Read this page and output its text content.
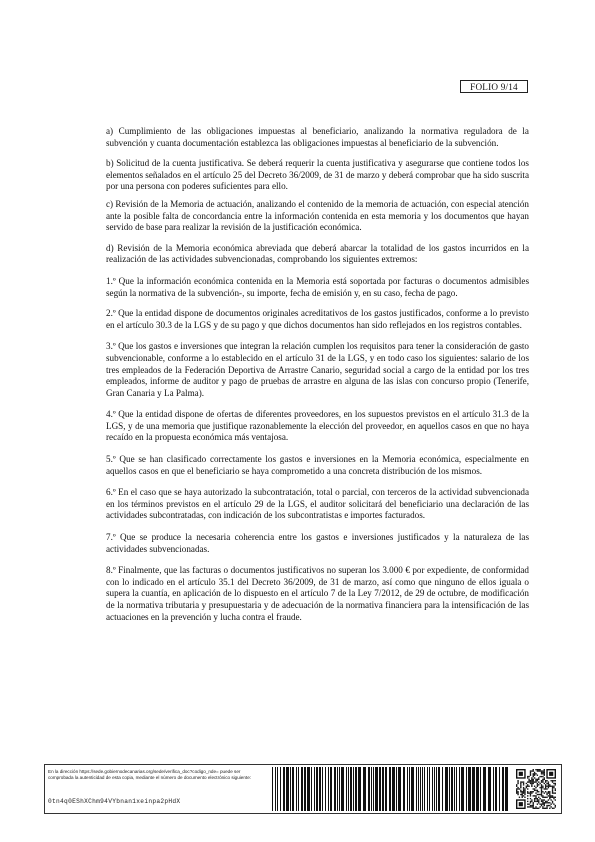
FOLIO 9/14

a) Cumplimiento de las obligaciones impuestas al beneficiario, analizando la normativa reguladora de la subvención y cuanta documentación establezca las obligaciones impuestas al beneficiario de la subvención.

b) Solicitud de la cuenta justificativa. Se deberá requerir la cuenta justificativa y asegurarse que contiene todos los elementos señalados en el artículo 25 del Decreto 36/2009, de 31 de marzo y deberá comprobar que ha sido suscrita por una persona con poderes suficientes para ello.

c) Revisión de la Memoria de actuación, analizando el contenido de la memoria de actuación, con especial atención ante la posible falta de concordancia entre la información contenida en esta memoria y los documentos que hayan servido de base para realizar la revisión de la justificación económica.

d) Revisión de la Memoria económica abreviada que deberá abarcar la totalidad de los gastos incurridos en la realización de las actividades subvencionadas, comprobando los siguientes extremos:

1.º Que la información económica contenida en la Memoria está soportada por facturas o documentos admisibles según la normativa de la subvención-, su importe, fecha de emisión y, en su caso, fecha de pago.

2.º Que la entidad dispone de documentos originales acreditativos de los gastos justificados, conforme a lo previsto en el artículo 30.3 de la LGS y de su pago y que dichos documentos han sido reflejados en los registros contables.

3.º Que los gastos e inversiones que integran la relación cumplen los requisitos para tener la consideración de gasto subvencionable, conforme a lo establecido en el artículo 31 de la LGS, y en todo caso los siguientes: salario de los tres empleados de la Federación Deportiva de Arrastre Canario, seguridad social a cargo de la entidad por los tres empleados, informe de auditor y pago de pruebas de arrastre en alguna de las islas con concurso propio (Tenerife, Gran Canaria y La Palma).

4.º Que la entidad dispone de ofertas de diferentes proveedores, en los supuestos previstos en el artículo 31.3 de la LGS, y de una memoria que justifique razonablemente la elección del proveedor, en aquellos casos en que no haya recaído en la propuesta económica más ventajosa.

5.º Que se han clasificado correctamente los gastos e inversiones en la Memoria económica, especialmente en aquellos casos en que el beneficiario se haya comprometido a una concreta distribución de los mismos.

6.º En el caso que se haya autorizado la subcontratación, total o parcial, con terceros de la actividad subvencionada en los términos previstos en el artículo 29 de la LGS, el auditor solicitará del beneficiario una declaración de las actividades subcontratadas, con indicación de los subcontratistas e importes facturados.

7.º Que se produce la necesaria coherencia entre los gastos e inversiones justificados y la naturaleza de las actividades subvencionadas.

8.º Finalmente, que las facturas o documentos justificativos no superan los 3.000 € por expediente, de conformidad con lo indicado en el artículo 35.1 del Decreto 36/2009, de 31 de marzo, así como que ninguno de ellos iguala o supera la cuantía, en aplicación de lo dispuesto en el artículo 7 de la Ley 7/2012, de 29 de octubre, de modificación de la normativa tributaria y presupuestaria y de adecuación de la normativa financiera para la intensificación de las actuaciones en la prevención y lucha contra el fraude.

En la dirección https://sede.gobiernodecanarias.org/sede/verifica_doc?codigo_nde= puede ser comprobada la autenticidad de esta copia, mediante el número de documento electrónico siguiente:
0tn4q0EShXChm94VYbnan1xeinpa2pHdX
